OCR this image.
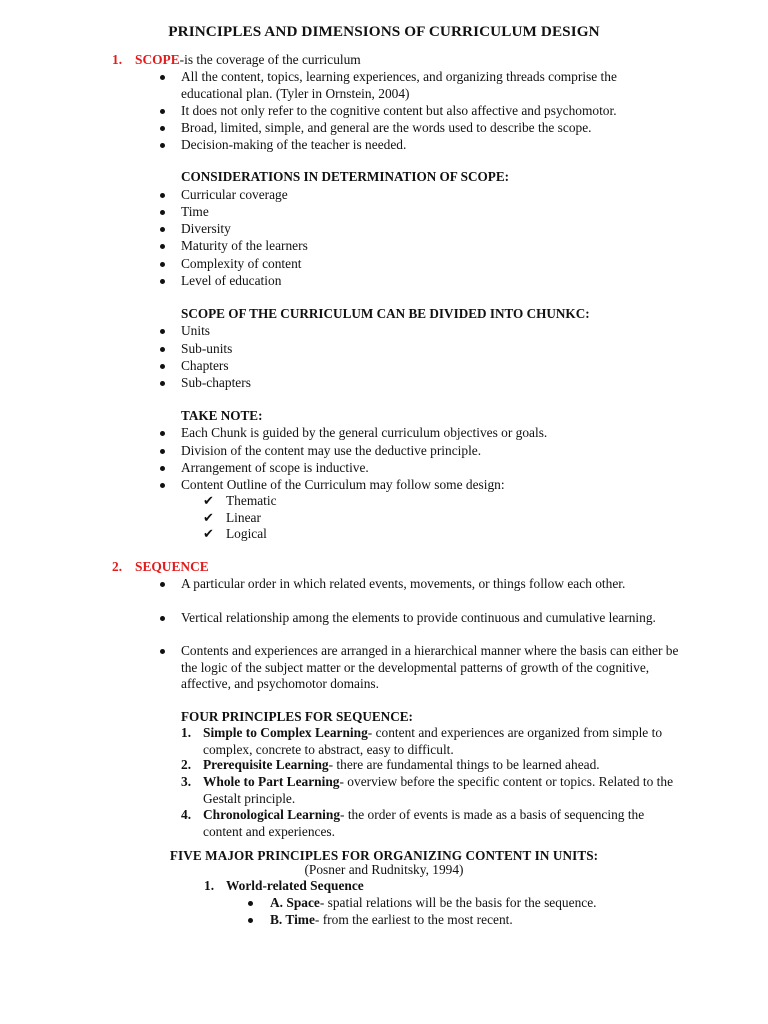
PRINCIPLES AND DIMENSIONS OF CURRICULUM DESIGN
1. SCOPE-is the coverage of the curriculum
All the content, topics, learning experiences, and organizing threads comprise the educational plan. (Tyler in Ornstein, 2004)
It does not only refer to the cognitive content but also affective and psychomotor.
Broad, limited, simple, and general are the words used to describe the scope.
Decision-making of the teacher is needed.
CONSIDERATIONS IN DETERMINATION OF SCOPE:
Curricular coverage
Time
Diversity
Maturity of the learners
Complexity of content
Level of education
SCOPE OF THE CURRICULUM CAN BE DIVIDED INTO CHUNKC:
Units
Sub-units
Chapters
Sub-chapters
TAKE NOTE:
Each Chunk is guided by the general curriculum objectives or goals.
Division of the content may use the deductive principle.
Arrangement of scope is inductive.
Content Outline of the Curriculum may follow some design:
✔ Thematic
✔ Linear
✔ Logical
2. SEQUENCE
A particular order in which related events, movements, or things follow each other.
Vertical relationship among the elements to provide continuous and cumulative learning.
Contents and experiences are arranged in a hierarchical manner where the basis can either be the logic of the subject matter or the developmental patterns of growth of the cognitive, affective, and psychomotor domains.
FOUR PRINCIPLES FOR SEQUENCE:
1. Simple to Complex Learning- content and experiences are organized from simple to complex, concrete to abstract, easy to difficult.
2. Prerequisite Learning- there are fundamental things to be learned ahead.
3. Whole to Part Learning- overview before the specific content or topics. Related to the Gestalt principle.
4. Chronological Learning- the order of events is made as a basis of sequencing the content and experiences.
FIVE MAJOR PRINCIPLES FOR ORGANIZING CONTENT IN UNITS:
(Posner and Rudnitsky, 1994)
1. World-related Sequence
A. Space- spatial relations will be the basis for the sequence.
B. Time- from the earliest to the most recent.
